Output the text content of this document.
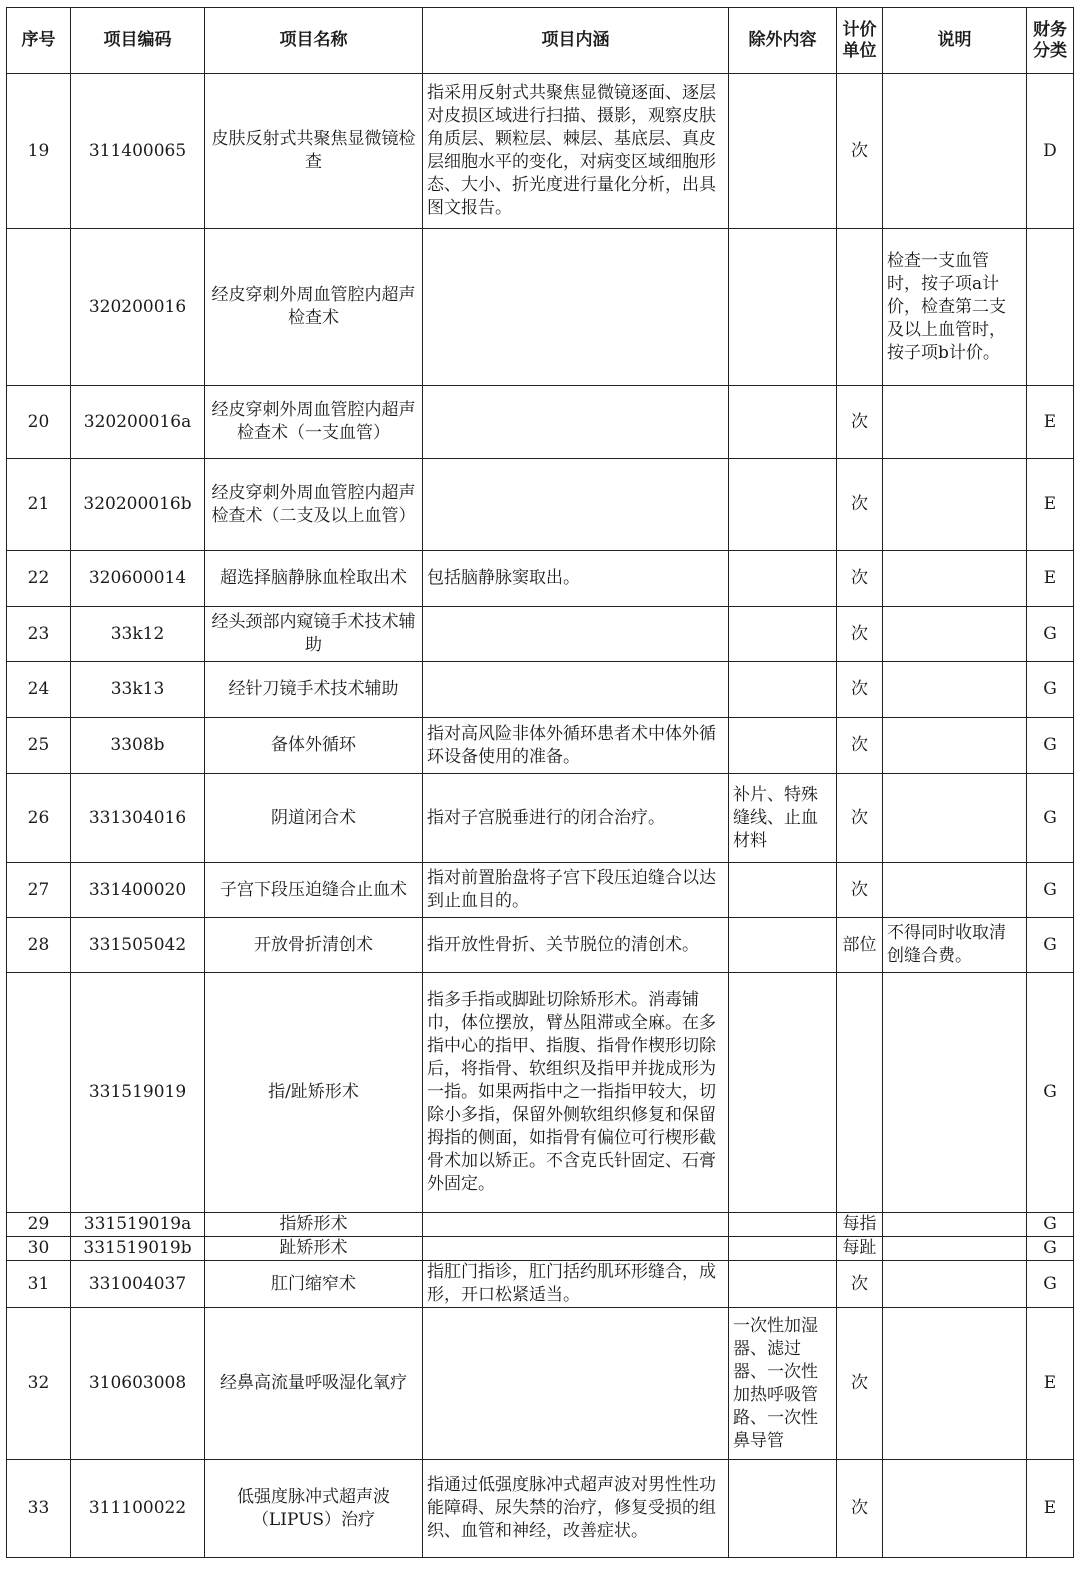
序号	项目编码	项目名称	项目内涵	除外内容	计价单位	说明	财务分类
19	311400065	皮肤反射式共聚焦显微镜检查	指采用反射式共聚焦显微镜逐面、逐层对皮损区域进行扫描、摄影，观察皮肤角质层、颗粒层、棘层、基底层、真皮层细胞水平的变化，对病变区域细胞形态、大小、折光度进行量化分析，出具图文报告。		次		D
	320200016	经皮穿刺外周血管腔内超声检查术				检查一支血管时，按子项a计价，检查第二支及以上血管时，按子项b计价。	
20	320200016a	经皮穿刺外周血管腔内超声检查术（一支血管）			次		E
21	320200016b	经皮穿刺外周血管腔内超声检查术（二支及以上血管）			次		E
22	320600014	超选择脑静脉血栓取出术	包括脑静脉窦取出。		次		E
23	33k12	经头颈部内窥镜手术技术辅助			次		G
24	33k13	经针刀镜手术技术辅助			次		G
25	3308b	备体外循环	指对高风险非体外循环患者术中体外循环设备使用的准备。		次		G
26	331304016	阴道闭合术	指对子宫脱垂进行的闭合治疗。	补片、特殊缝线、止血材料	次		G
27	331400020	子宫下段压迫缝合止血术	指对前置胎盘将子宫下段压迫缝合以达到止血目的。		次		G
28	331505042	开放骨折清创术	指开放性骨折、关节脱位的清创术。		部位	不得同时收取清创缝合费。	G
	331519019	指/趾矫形术	指多手指或脚趾切除矫形术。消毒铺巾，体位摆放，臂丛阻滞或全麻。在多指中心的指甲、指腹、指骨作楔形切除后，将指骨、软组织及指甲并拢成形为一指。如果两指中之一指指甲较大，切除小多指，保留外侧软组织修复和保留拇指的侧面，如指骨有偏位可行楔形截骨术加以矫正。不含克氏针固定、石膏外固定。				G
29	331519019a	指矫形术			每指		G
30	331519019b	趾矫形术			每趾		G
31	331004037	肛门缩窄术	指肛门指诊，肛门括约肌环形缝合，成形，开口松紧适当。		次		G
32	310603008	经鼻高流量呼吸湿化氧疗		一次性加湿器、滤过器、一次性加热呼吸管路、一次性鼻导管	次		E
33	311100022	低强度脉冲式超声波（LIPUS）治疗	指通过低强度脉冲式超声波对男性性功能障碍、尿失禁的治疗，修复受损的组织、血管和神经，改善症状。		次		E
